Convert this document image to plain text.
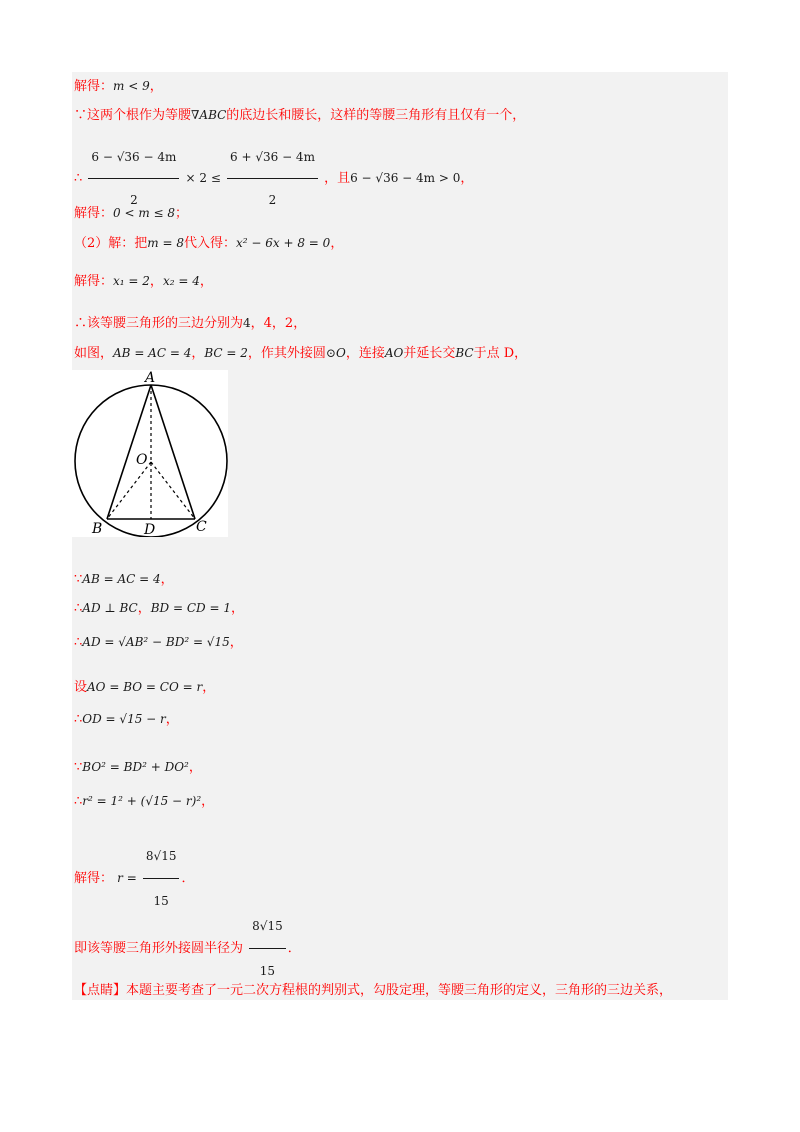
解得：m < 9，
∵这两个根作为等腰∇ABC的底边长和腰长，这样的等腰三角形有且仅有一个，
∴ $\frac{6 - √36 - 4m}{2} \times 2 \le \frac{6 + √36 - 4m}{2}$ ，且6 − √36 − 4m > 0，
解得：0 < m ≤ 8；
（2）解：把m = 8代入得：x² − 6x + 8 = 0，
解得：x₁ = 2，x₂ = 4，
∴该等腰三角形的三边分别为4，4，2，
如图，AB = AC = 4，BC = 2，作其外接圆⊙O，连接AO并延长交BC于点 D，
A
O
B	D	C
∵AB = AC = 4，
∴AD ⊥ BC，BD = CD = 1，
∴AD = √AB² − BD² = √15，
设AO = BO = CO = r，
∴OD = √15 − r，
∵BO² = BD² + DO²，
∴r² = 1² + (√15 − r)²，
解得： $r = \frac{8√15}{15}$ ．
即该等腰三角形外接圆半径为 $\frac{8√15}{15}$ ．
【点睛】本题主要考查了一元二次方程根的判别式，勾股定理，等腰三角形的定义，三角形的三边关系，
